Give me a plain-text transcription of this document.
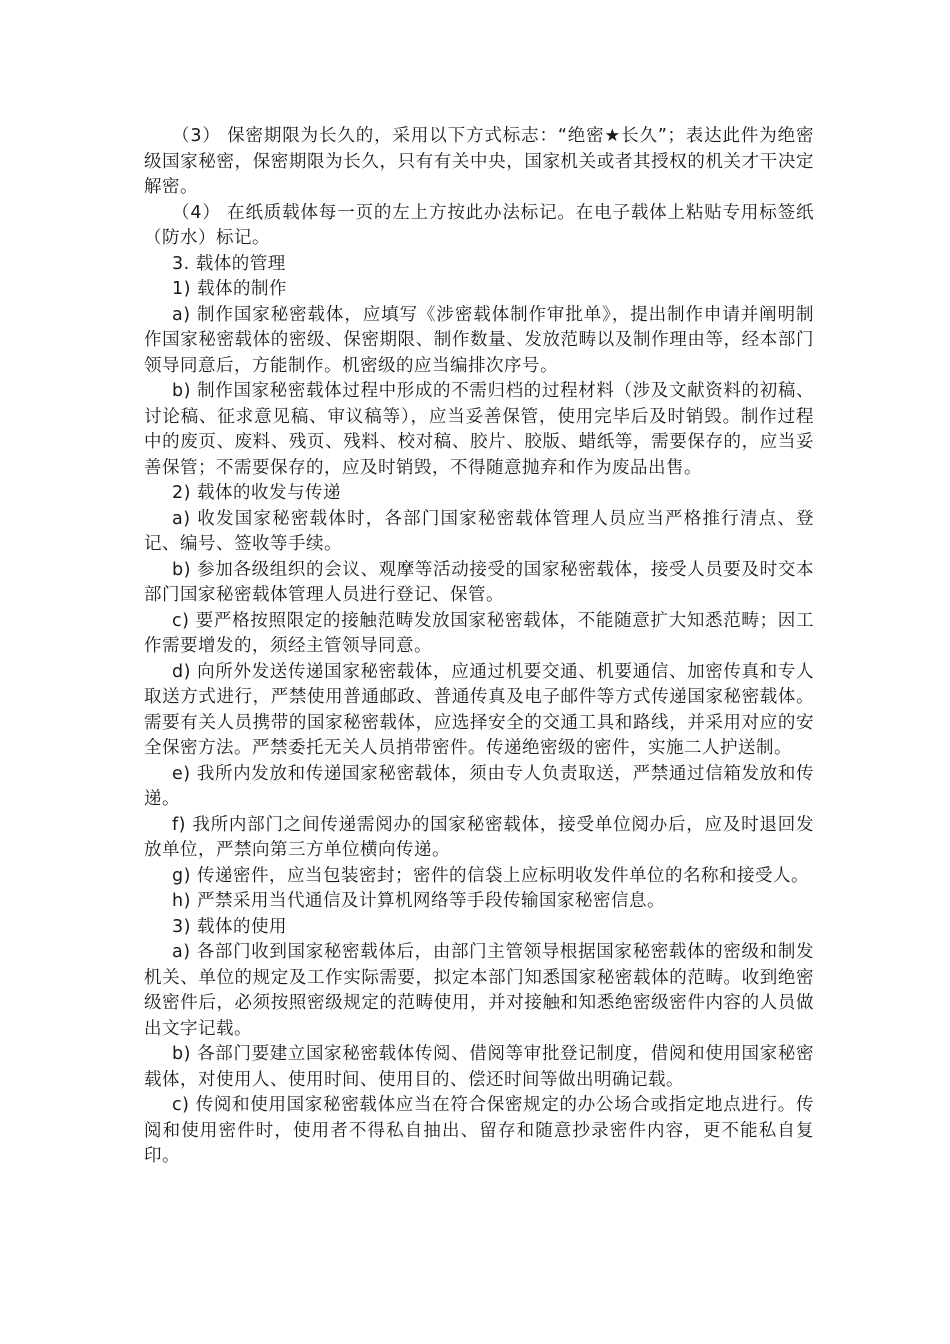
（3） 保密期限为长久的，采用以下方式标志：“绝密★长久”；表达此件为绝密级国家秘密，保密期限为长久，只有有关中央，国家机关或者其授权的机关才干决定解密。

（4） 在纸质载体每一页的左上方按此办法标记。在电子载体上粘贴专用标签纸（防水）标记。

3. 载体的管理

1) 载体的制作

a) 制作国家秘密载体，应填写《涉密载体制作审批单》，提出制作申请并阐明制作国家秘密载体的密级、保密期限、制作数量、发放范畴以及制作理由等，经本部门领导同意后，方能制作。机密级的应当编排次序号。

b) 制作国家秘密载体过程中形成的不需归档的过程材料（涉及文献资料的初稿、讨论稿、征求意见稿、审议稿等），应当妥善保管，使用完毕后及时销毁。制作过程中的废页、废料、残页、残料、校对稿、胶片、胶版、蜡纸等，需要保存的，应当妥善保管；不需要保存的，应及时销毁，不得随意抛弃和作为废品出售。

2) 载体的收发与传递

a) 收发国家秘密载体时，各部门国家秘密载体管理人员应当严格推行清点、登记、编号、签收等手续。

b) 参加各级组织的会议、观摩等活动接受的国家秘密载体，接受人员要及时交本部门国家秘密载体管理人员进行登记、保管。

c) 要严格按照限定的接触范畴发放国家秘密载体，不能随意扩大知悉范畴；因工作需要增发的，须经主管领导同意。

d) 向所外发送传递国家秘密载体，应通过机要交通、机要通信、加密传真和专人取送方式进行，严禁使用普通邮政、普通传真及电子邮件等方式传递国家秘密载体。需要有关人员携带的国家秘密载体，应选择安全的交通工具和路线，并采用对应的安全保密方法。严禁委托无关人员捎带密件。传递绝密级的密件，实施二人护送制。

e) 我所内发放和传递国家秘密载体，须由专人负责取送，严禁通过信箱发放和传递。

f) 我所内部门之间传递需阅办的国家秘密载体，接受单位阅办后，应及时退回发放单位，严禁向第三方单位横向传递。

g) 传递密件，应当包装密封；密件的信袋上应标明收发件单位的名称和接受人。

h) 严禁采用当代通信及计算机网络等手段传输国家秘密信息。

3) 载体的使用

a) 各部门收到国家秘密载体后，由部门主管领导根据国家秘密载体的密级和制发机关、单位的规定及工作实际需要，拟定本部门知悉国家秘密载体的范畴。收到绝密级密件后，必须按照密级规定的范畴使用，并对接触和知悉绝密级密件内容的人员做出文字记载。

b) 各部门要建立国家秘密载体传阅、借阅等审批登记制度，借阅和使用国家秘密载体，对使用人、使用时间、使用目的、偿还时间等做出明确记载。

c) 传阅和使用国家秘密载体应当在符合保密规定的办公场合或指定地点进行。传阅和使用密件时，使用者不得私自抽出、留存和随意抄录密件内容，更不能私自复印。
